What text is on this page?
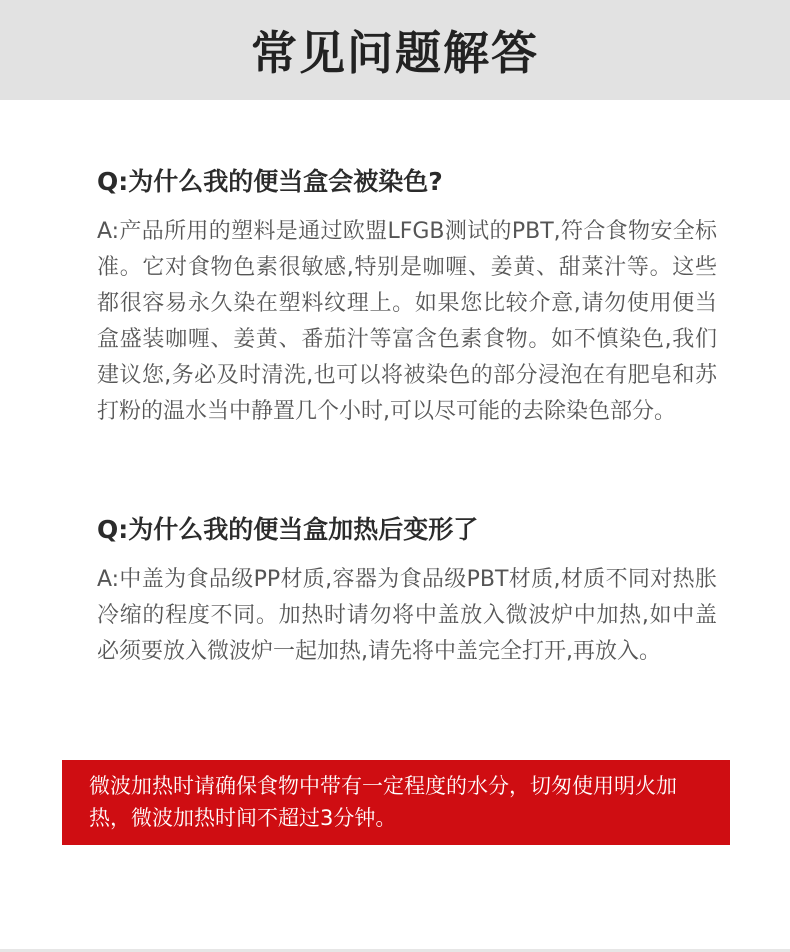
常见问题解答

Q:为什么我的便当盒会被染色?

A:产品所用的塑料是通过欧盟LFGB测试的PBT,符合食物安全标准。它对食物色素很敏感,特别是咖喱、姜黄、甜菜汁等。这些都很容易永久染在塑料纹理上。如果您比较介意,请勿使用便当盒盛装咖喱、姜黄、番茄汁等富含色素食物。如不慎染色,我们建议您,务必及时清洗,也可以将被染色的部分浸泡在有肥皂和苏打粉的温水当中静置几个小时,可以尽可能的去除染色部分。

Q:为什么我的便当盒加热后变形了

A:中盖为食品级PP材质,容器为食品级PBT材质,材质不同对热胀冷缩的程度不同。加热时请勿将中盖放入微波炉中加热,如中盖必须要放入微波炉一起加热,请先将中盖完全打开,再放入。

微波加热时请确保食物中带有一定程度的水分，切匆使用明火加热，微波加热时间不超过3分钟。
